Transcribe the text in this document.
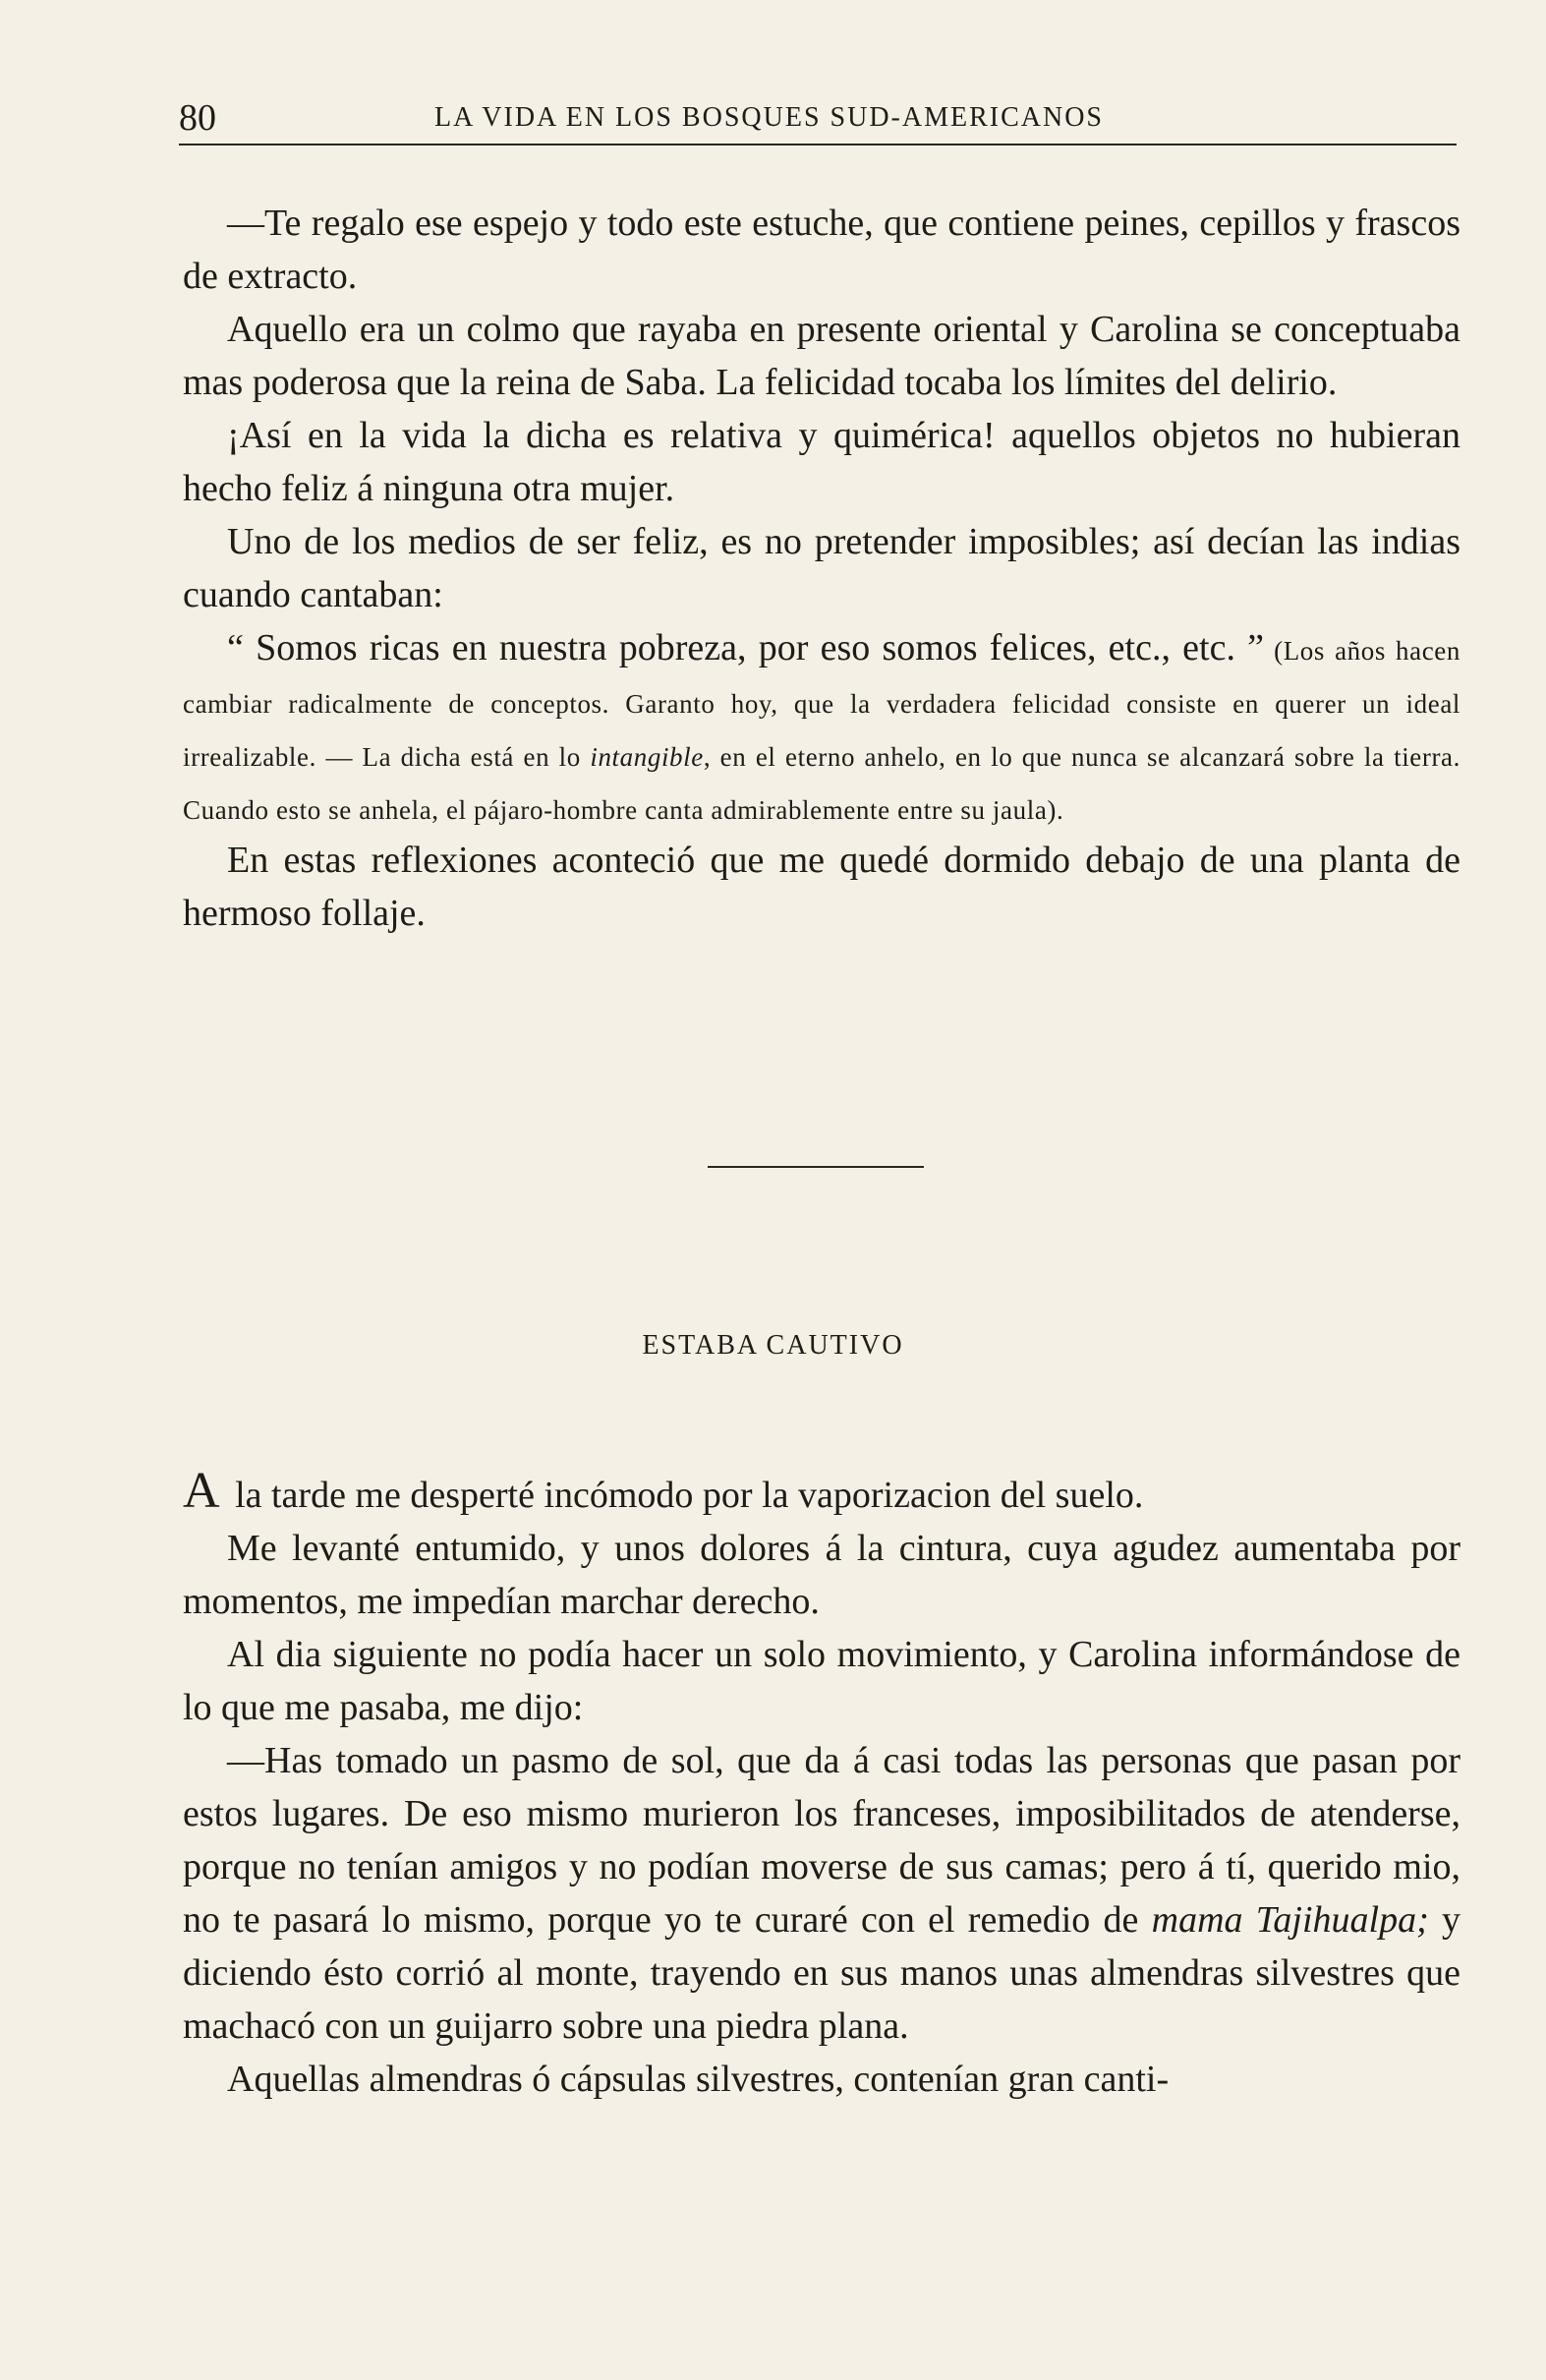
80	LA VIDA EN LOS BOSQUES SUD-AMERICANOS

—Te regalo ese espejo y todo este estuche, que contiene peines, cepillos y frascos de extracto.

Aquello era un colmo que rayaba en presente oriental y Carolina se conceptuaba mas poderosa que la reina de Saba. La felicidad tocaba los límites del delirio.

¡Así en la vida la dicha es relativa y quimérica! aquellos objetos no hubieran hecho feliz á ninguna otra mujer.

Uno de los medios de ser feliz, es no pretender imposibles; así decían las indias cuando cantaban:

“ Somos ricas en nuestra pobreza, por eso somos felices, etc., etc. ” (Los años hacen cambiar radicalmente de conceptos. Garanto hoy, que la verdadera felicidad consiste en querer un ideal irrealizable. — La dicha está en lo intangible, en el eterno anhelo, en lo que nunca se alcanzará sobre la tierra. Cuando esto se anhela, el pájaro-hombre canta admirablemente entre su jaula).

En estas reflexiones aconteció que me quedé dormido debajo de una planta de hermoso follaje.

ESTABA CAUTIVO

A la tarde me desperté incómodo por la vaporizacion del suelo.

Me levanté entumido, y unos dolores á la cintura, cuya agudez aumentaba por momentos, me impedían marchar derecho.

Al dia siguiente no podía hacer un solo movimiento, y Carolina informándose de lo que me pasaba, me dijo:

—Has tomado un pasmo de sol, que da á casi todas las personas que pasan por estos lugares. De eso mismo murieron los franceses, imposibilitados de atenderse, porque no tenían amigos y no podían moverse de sus camas; pero á tí, querido mio, no te pasará lo mismo, porque yo te curaré con el remedio de mama Tajihualpa; y diciendo ésto corrió al monte, trayendo en sus manos unas almendras silvestres que machacó con un guijarro sobre una piedra plana.

Aquellas almendras ó cápsulas silvestres, contenían gran canti-
